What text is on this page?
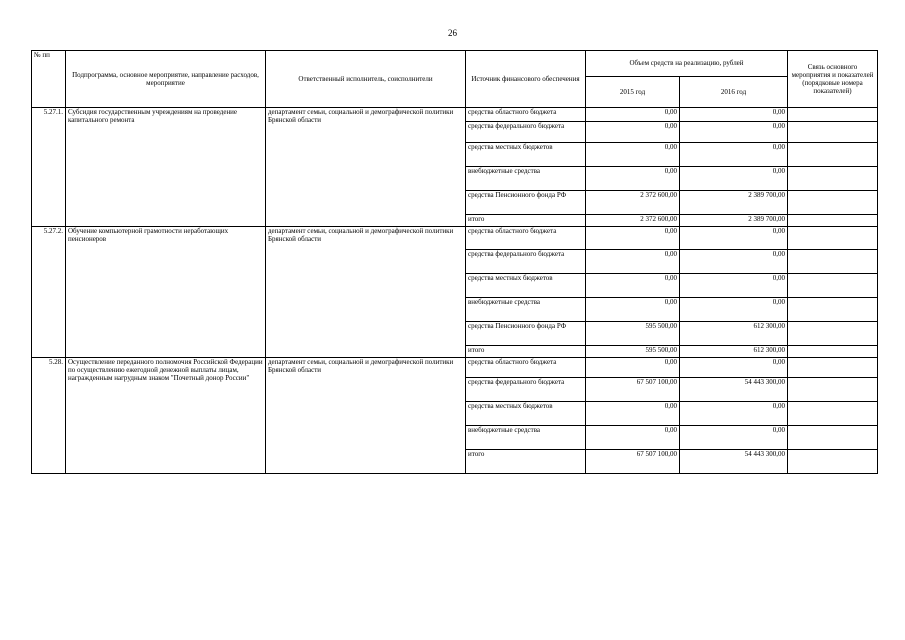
26
№ пп	Подпрограмма, основное мероприятие, направление расходов, мероприятие	Ответственный исполнитель, соисполнители	Источник финансового обеспечения	Объем средств на реализацию, рублей		Связь основного мероприятия и показателей (порядковые номера показателей)
				2015 год	2016 год	
5.27.1.	Субсидия государственным учреждениям на проведение капитального ремонта	департамент семьи, социальной и демографической политики Брянской области	средства областного бюджета	0,00	0,00	
			средства федерального бюджета	0,00	0,00	
			средства местных бюджетов	0,00	0,00	
			внебюджетные средства	0,00	0,00	
			средства Пенсионного фонда РФ	2 372 600,00	2 389 700,00	
			итого	2 372 600,00	2 389 700,00	
5.27.2.	Обучение компьютерной грамотности неработающих пенсионеров	департамент семьи, социальной и демографической политики Брянской области	средства областного бюджета	0,00	0,00	
			средства федерального бюджета	0,00	0,00	
			средства местных бюджетов	0,00	0,00	
			внебюджетные средства	0,00	0,00	
			средства Пенсионного фонда РФ	595 500,00	612 300,00	
			итого	595 500,00	612 300,00	
5.28.	Осуществление переданного полномочия Российской Федерации по осуществлению ежегодной денежной выплаты лицам, награжденным нагрудным знаком "Почетный донор России"	департамент семьи, социальной и демографической политики Брянской области	средства областного бюджета	0,00	0,00	
			средства федерального бюджета	67 507 100,00	54 443 300,00	
			средства местных бюджетов	0,00	0,00	
			внебюджетные средства	0,00	0,00	
			итого	67 507 100,00	54 443 300,00	
